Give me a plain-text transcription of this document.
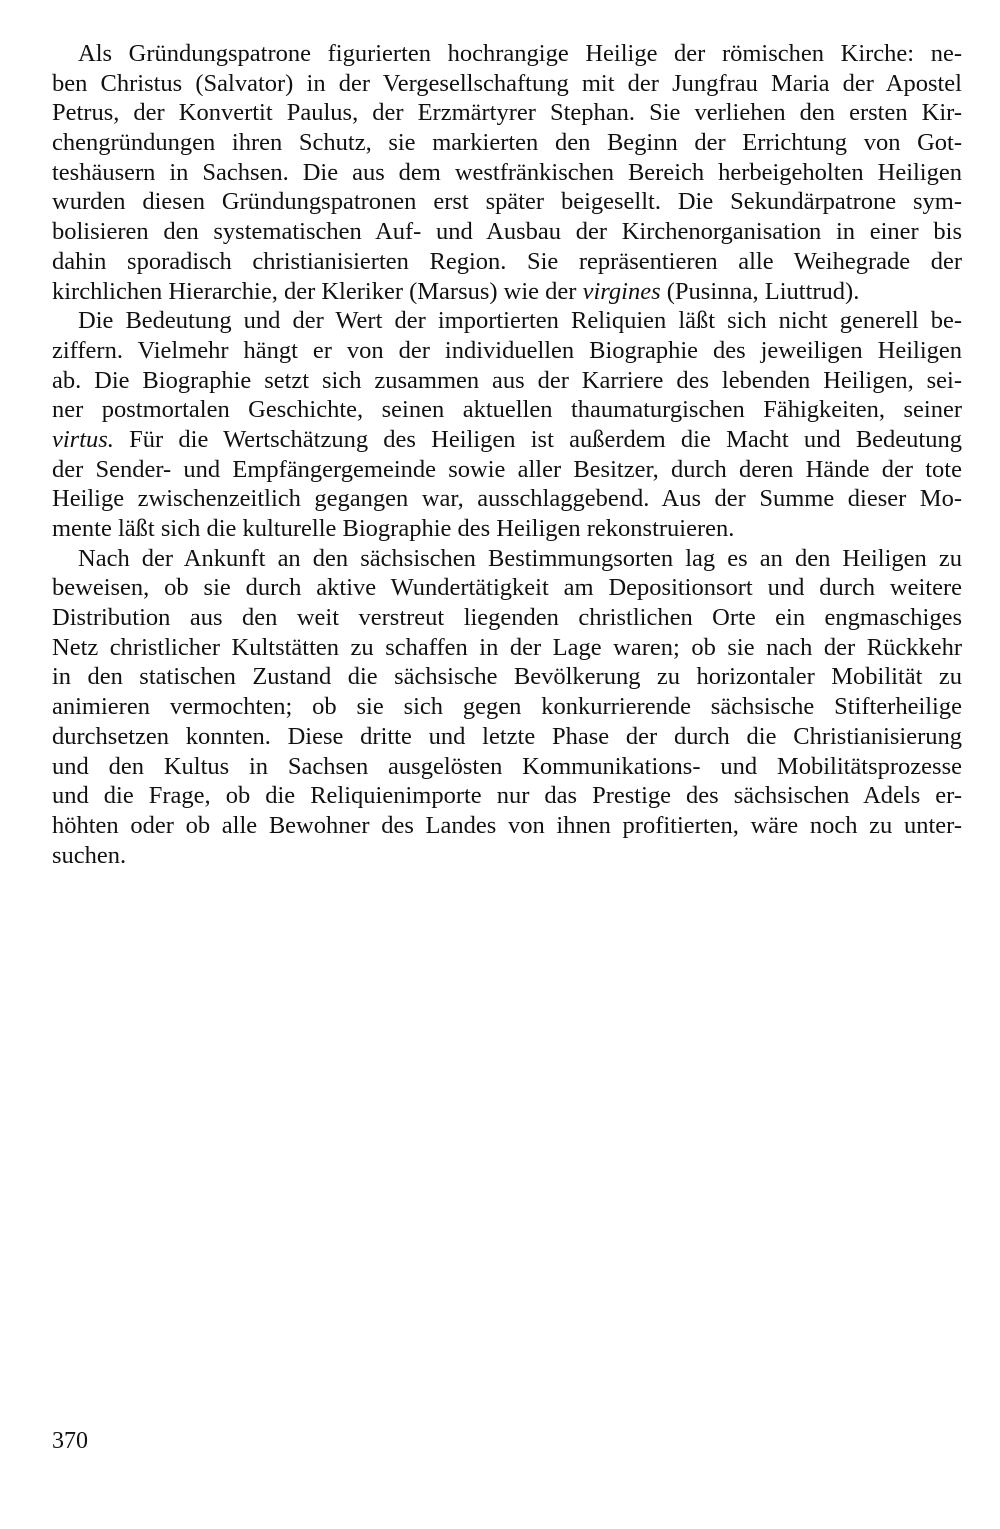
Als Gründungspatrone figurierten hochrangige Heilige der römischen Kirche: ne-
ben Christus (Salvator) in der Vergesellschaftung mit der Jungfrau Maria der Apostel
Petrus, der Konvertit Paulus, der Erzmärtyrer Stephan. Sie verliehen den ersten Kir-
chengründungen ihren Schutz, sie markierten den Beginn der Errichtung von Got-
teshäusern in Sachsen. Die aus dem westfränkischen Bereich herbeigeholten Heiligen
wurden diesen Gründungspatronen erst später beigesellt. Die Sekundärpatrone sym-
bolisieren den systematischen Auf- und Ausbau der Kirchenorganisation in einer bis
dahin sporadisch christianisierten Region. Sie repräsentieren alle Weihegrade der
kirchlichen Hierarchie, der Kleriker (Marsus) wie der virgines (Pusinna, Liuttrud).
Die Bedeutung und der Wert der importierten Reliquien läßt sich nicht generell be-
ziffern. Vielmehr hängt er von der individuellen Biographie des jeweiligen Heiligen
ab. Die Biographie setzt sich zusammen aus der Karriere des lebenden Heiligen, sei-
ner postmortalen Geschichte, seinen aktuellen thaumaturgischen Fähigkeiten, seiner
virtus. Für die Wertschätzung des Heiligen ist außerdem die Macht und Bedeutung
der Sender- und Empfängergemeinde sowie aller Besitzer, durch deren Hände der tote
Heilige zwischenzeitlich gegangen war, ausschlaggebend. Aus der Summe dieser Mo-
mente läßt sich die kulturelle Biographie des Heiligen rekonstruieren.
Nach der Ankunft an den sächsischen Bestimmungsorten lag es an den Heiligen zu
beweisen, ob sie durch aktive Wundertätigkeit am Depositionsort und durch weitere
Distribution aus den weit verstreut liegenden christlichen Orte ein engmaschiges
Netz christlicher Kultstätten zu schaffen in der Lage waren; ob sie nach der Rückkehr
in den statischen Zustand die sächsische Bevölkerung zu horizontaler Mobilität zu
animieren vermochten; ob sie sich gegen konkurrierende sächsische Stifterheilige
durchsetzen konnten. Diese dritte und letzte Phase der durch die Christianisierung
und den Kultus in Sachsen ausgelösten Kommunikations- und Mobilitätsprozesse
und die Frage, ob die Reliquienimporte nur das Prestige des sächsischen Adels er-
höhten oder ob alle Bewohner des Landes von ihnen profitierten, wäre noch zu unter-
suchen.
370
